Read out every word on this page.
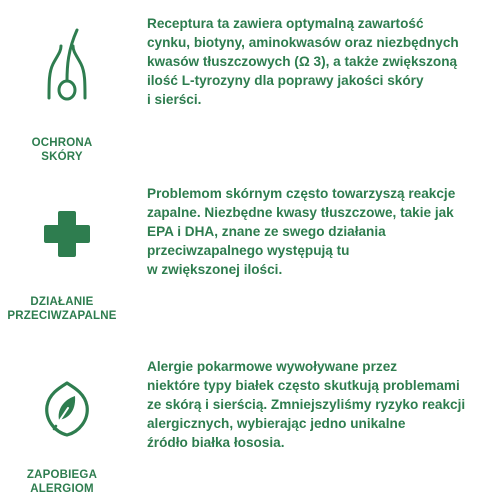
OCHRONA
SKÓRY
Receptura ta zawiera optymalną zawartość
cynku, biotyny, aminokwasów oraz niezbędnych
kwasów tłuszczowych (Ω 3), a także zwiększoną
ilość L-tyrozyny dla poprawy jakości skóry
i sierści.
DZIAŁANIE
PRZECIWZAPALNE
Problemom skórnym często towarzyszą reakcje
zapalne. Niezbędne kwasy tłuszczowe, takie jak
EPA i DHA, znane ze swego działania
przeciwzapalnego występują tu
w zwiększonej ilości.
ZAPOBIEGA
ALERGIOM
Alergie pokarmowe wywoływane przez
niektóre typy białek często skutkują problemami
ze skórą i sierścią. Zmniejszyliśmy ryzyko reakcji
alergicznych, wybierając jedno unikalne
źródło białka łososia.
